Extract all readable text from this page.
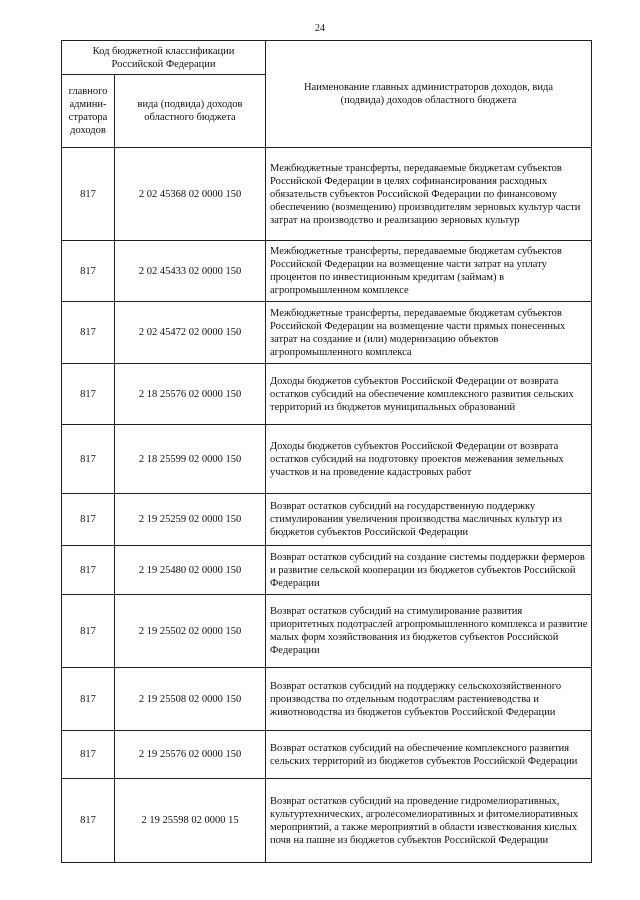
24
Код бюджетной классификации Российской Федерации		Наименование главных администраторов доходов, вида (подвида) доходов областного бюджета
главного админи-стратора доходов	вида (подвида) доходов областного бюджета	
817	2 02 45368 02 0000 150	Межбюджетные трансферты, передаваемые бюджетам субъектов Российской Федерации в целях софинансирования расходных обязательств субъектов Российской Федерации по финансовому обеспечению (возмещению) производителям зерновых культур части затрат на производство и реализацию зерновых культур
817	2 02 45433 02 0000 150	Межбюджетные трансферты, передаваемые бюджетам субъектов Российской Федерации на возмещение части затрат на уплату процентов по инвестиционным кредитам (займам) в агропромышленном комплексе
817	2 02 45472 02 0000 150	Межбюджетные трансферты, передаваемые бюджетам субъектов Российской Федерации на возмещение части прямых понесенных затрат на создание и (или) модернизацию объектов агропромышленного комплекса
817	2 18 25576 02 0000 150	Доходы бюджетов субъектов Российской Федерации от возврата остатков субсидий на обеспечение комплексного развития сельских территорий из бюджетов муниципальных образований
817	2 18 25599 02 0000 150	Доходы бюджетов субъектов Российской Федерации от возврата остатков субсидий на подготовку проектов межевания земельных участков и на проведение кадастровых работ
817	2 19 25259 02 0000 150	Возврат остатков субсидий на государственную поддержку стимулирования увеличения производства масличных культур из бюджетов субъектов Российской Федерации
817	2 19 25480 02 0000 150	Возврат остатков субсидий на создание системы поддержки фермеров и развитие сельской кооперации из бюджетов субъектов Российской Федерации
817	2 19 25502 02 0000 150	Возврат остатков субсидий на стимулирование развития приоритетных подотраслей агропромышленного комплекса и развитие малых форм хозяйствования из бюджетов субъектов Российской Федерации
817	2 19 25508 02 0000 150	Возврат остатков субсидий на поддержку сельскохозяйственного производства по отдельным подотраслям растениеводства и животноводства из бюджетов субъектов Российской Федерации
817	2 19 25576 02 0000 150	Возврат остатков субсидий на обеспечение комплексного развития сельских территорий из бюджетов субъектов Российской Федерации
817	2 19 25598 02 0000 15	Возврат остатков субсидий на проведение гидромелиоративных, культуртехнических, агролесомелиоративных и фитомелиоративных мероприятий, а также мероприятий в области известкования кислых почв на пашне из бюджетов субъектов Российской Федерации
